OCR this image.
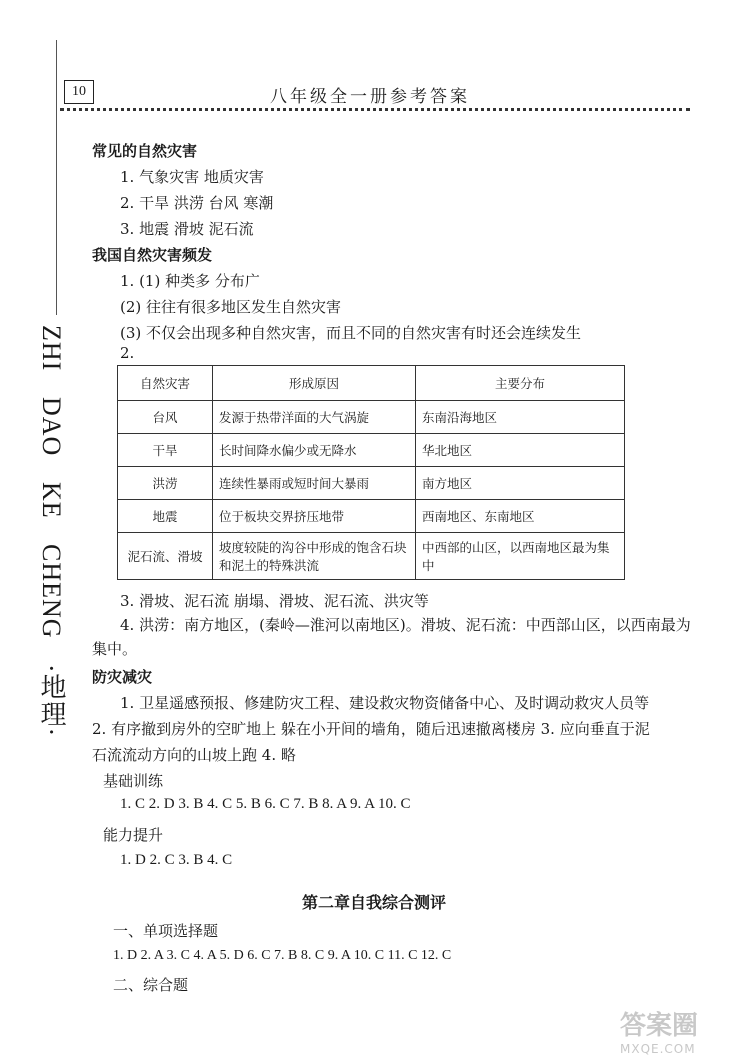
10	八年级全一册参考答案
ZHI DAO KE CHENG ·地理·
常见的自然灾害
1. 气象灾害 地质灾害
2. 干旱 洪涝 台风 寒潮
3. 地震 滑坡 泥石流
我国自然灾害频发
1. (1) 种类多 分布广
(2) 往往有很多地区发生自然灾害
(3) 不仅会出现多种自然灾害，而且不同的自然灾害有时还会连续发生
2.
自然灾害	形成原因	主要分布
台风	发源于热带洋面的大气涡旋	东南沿海地区
干旱	长时间降水偏少或无降水	华北地区
洪涝	连续性暴雨或短时间大暴雨	南方地区
地震	位于板块交界挤压地带	西南地区、东南地区
泥石流、滑坡	坡度较陡的沟谷中形成的饱含石块和泥土的特殊洪流	中西部的山区，以西南地区最为集中
3. 滑坡、泥石流 崩塌、滑坡、泥石流、洪灾等
4. 洪涝：南方地区，(秦岭—淮河以南地区)。滑坡、泥石流：中西部山区，以西南最为
集中。
防灾减灾
1. 卫星遥感预报、修建防灾工程、建设救灾物资储备中心、及时调动救灾人员等
2. 有序撤到房外的空旷地上 躲在小开间的墙角，随后迅速撤离楼房 3. 应向垂直于泥
石流流动方向的山坡上跑 4. 略
基础训练
1. C 2. D 3. B 4. C 5. B 6. C 7. B 8. A 9. A 10. C
能力提升
1. D 2. C 3. B 4. C
第二章自我综合测评
一、单项选择题
1. D 2. A 3. C 4. A 5. D 6. C 7. B 8. C 9. A 10. C 11. C 12. C
二、综合题
答案圈
MXQE.COM
